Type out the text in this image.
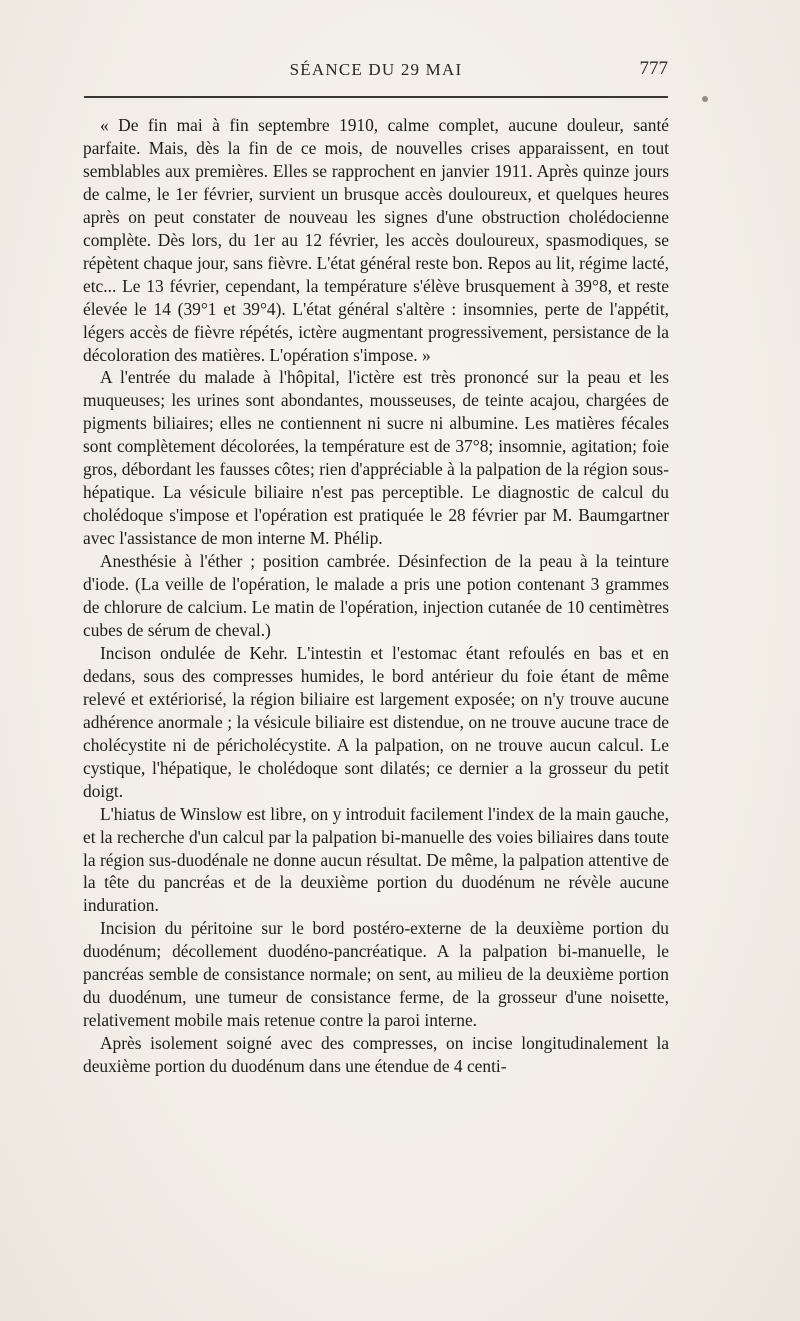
SÉANCE DU 29 MAI	777

« De fin mai à fin septembre 1910, calme complet, aucune douleur, santé parfaite. Mais, dès la fin de ce mois, de nouvelles crises apparaissent, en tout semblables aux premières. Elles se rapprochent en janvier 1911. Après quinze jours de calme, le 1er février, survient un brusque accès douloureux, et quelques heures après on peut constater de nouveau les signes d'une obstruction cholédocienne complète. Dès lors, du 1er au 12 février, les accès douloureux, spasmodiques, se répètent chaque jour, sans fièvre. L'état général reste bon. Repos au lit, régime lacté, etc... Le 13 février, cependant, la température s'élève brusquement à 39°8, et reste élevée le 14 (39°1 et 39°4). L'état général s'altère : insomnies, perte de l'appétit, légers accès de fièvre répétés, ictère augmentant progressivement, persistance de la décoloration des matières. L'opération s'impose. »

A l'entrée du malade à l'hôpital, l'ictère est très prononcé sur la peau et les muqueuses; les urines sont abondantes, mousseuses, de teinte acajou, chargées de pigments biliaires; elles ne contiennent ni sucre ni albumine. Les matières fécales sont complètement décolorées, la température est de 37°8; insomnie, agitation; foie gros, débordant les fausses côtes; rien d'appréciable à la palpation de la région sous-hépatique. La vésicule biliaire n'est pas perceptible. Le diagnostic de calcul du cholédoque s'impose et l'opération est pratiquée le 28 février par M. Baumgartner avec l'assistance de mon interne M. Phélip.

Anesthésie à l'éther ; position cambrée. Désinfection de la peau à la teinture d'iode. (La veille de l'opération, le malade a pris une potion contenant 3 grammes de chlorure de calcium. Le matin de l'opération, injection cutanée de 10 centimètres cubes de sérum de cheval.)

Incison ondulée de Kehr. L'intestin et l'estomac étant refoulés en bas et en dedans, sous des compresses humides, le bord antérieur du foie étant de même relevé et extériorisé, la région biliaire est largement exposée; on n'y trouve aucune adhérence anormale ; la vésicule biliaire est distendue, on ne trouve aucune trace de cholécystite ni de péricholécystite. A la palpation, on ne trouve aucun calcul. Le cystique, l'hépatique, le cholédoque sont dilatés; ce dernier a la grosseur du petit doigt.

L'hiatus de Winslow est libre, on y introduit facilement l'index de la main gauche, et la recherche d'un calcul par la palpation bi-manuelle des voies biliaires dans toute la région sus-duodénale ne donne aucun résultat. De même, la palpation attentive de la tête du pancréas et de la deuxième portion du duodénum ne révèle aucune induration.

Incision du péritoine sur le bord postéro-externe de la deuxième portion du duodénum; décollement duodéno-pancréatique. A la palpation bi-manuelle, le pancréas semble de consistance normale; on sent, au milieu de la deuxième portion du duodénum, une tumeur de consistance ferme, de la grosseur d'une noisette, relativement mobile mais retenue contre la paroi interne.

Après isolement soigné avec des compresses, on incise longitudinalement la deuxième portion du duodénum dans une étendue de 4 centi-
